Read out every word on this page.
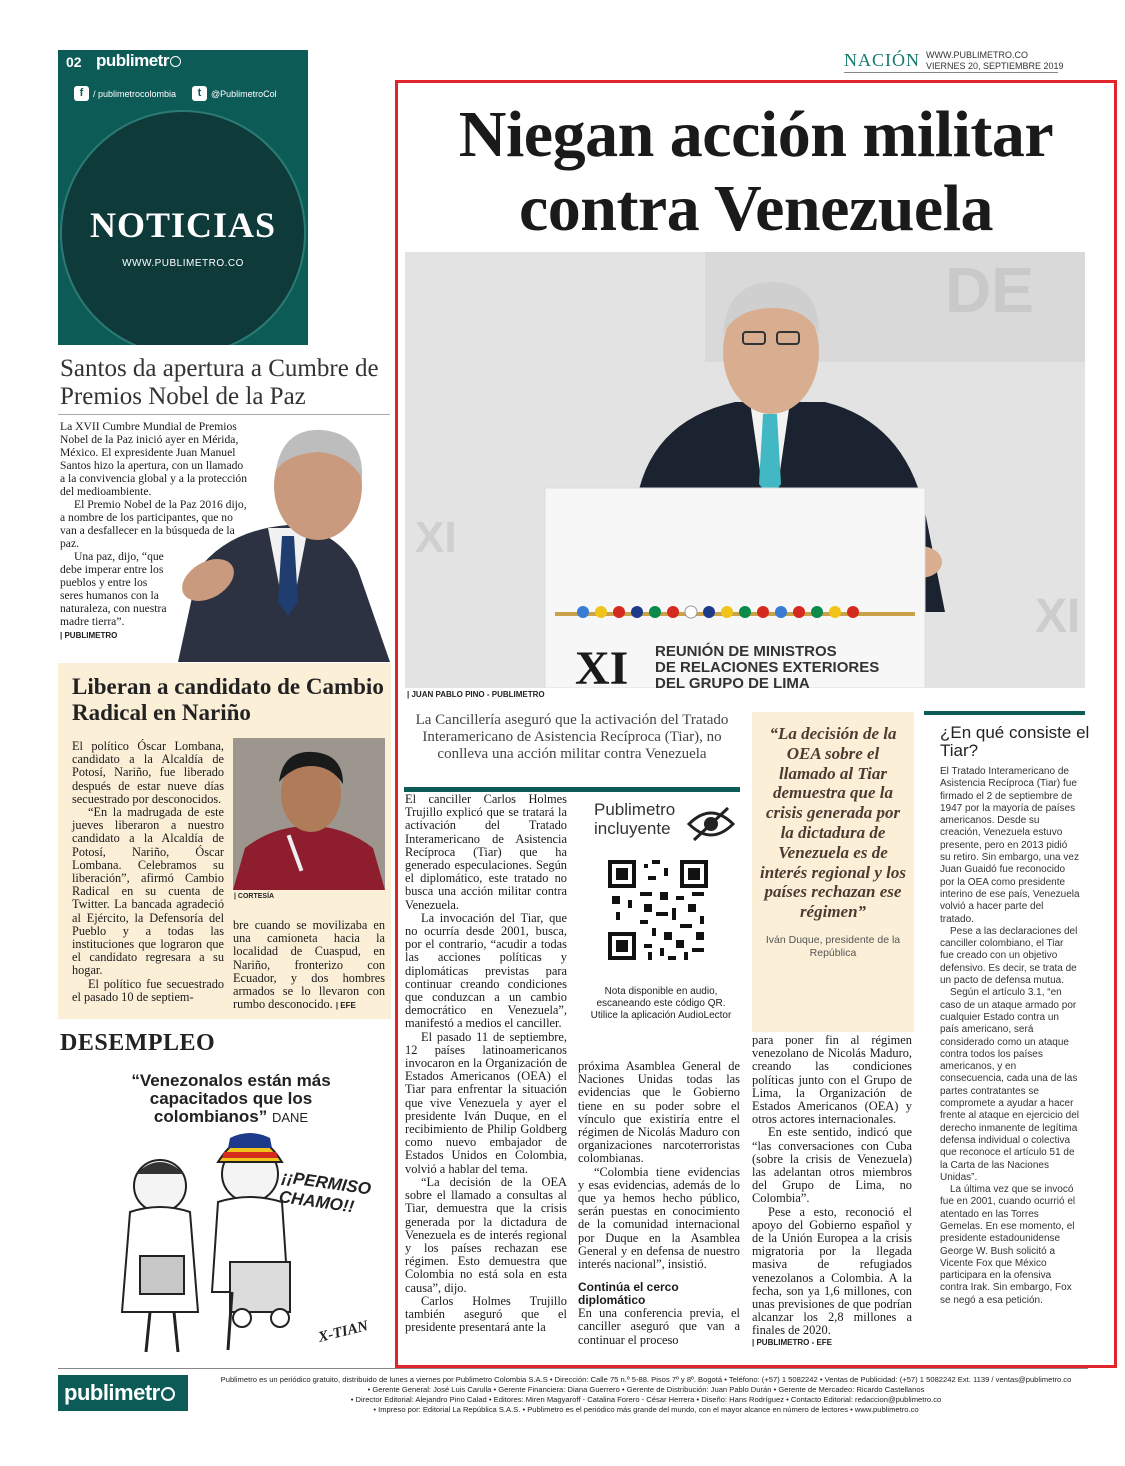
02 publimetr
f	/ publimetrocolombia	t	@PublimetroCol
NOTICIAS
WWW.PUBLIMETRO.CO
NACIÓN WWW.PUBLIMETRO.CO
VIERNES 20, SEPTIEMBRE 2019
Niegan acción militar contra Venezuela
DE
XI
XI
XI REUNIÓN DE MINISTROS
DE RELACIONES EXTERIORES
DEL GRUPO DE LIMA
| JUAN PABLO PINO - PUBLIMETRO
La Cancillería aseguró que la activación del Tratado Interamericano de Asistencia Recíproca (Tiar), no conlleva una acción militar contra Venezuela

El canciller Carlos Holmes Trujillo explicó que se tratará la activación del Tratado Interamericano de Asistencia Recíproca (Tiar) que ha generado especulaciones. Según el diplomático, este tratado no busca una acción militar contra Venezuela.

La invocación del Tiar, que no ocurría desde 2001, busca, por el contrario, “acudir a todas las acciones políticas y diplomáticas previstas para continuar creando condiciones que conduzcan a un cambio democrático en Venezuela”, manifestó a medios el canciller.

El pasado 11 de septiembre, 12 países latinoamericanos invocaron en la Organización de Estados Americanos (OEA) el Tiar para enfrentar la situación que vive Venezuela y ayer el presidente Iván Duque, en el recibimiento de Philip Goldberg como nuevo embajador de Estados Unidos en Colombia, volvió a hablar del tema.

“La decisión de la OEA sobre el llamado a consultas al Tiar, demuestra que la crisis generada por la dictadura de Venezuela es de interés regional y los países rechazan ese régimen. Esto demuestra que Colombia no está sola en esta causa”, dijo.

Carlos Holmes Trujillo también aseguró que el presidente presentará ante la

Publimetro incluyente
Nota disponible en audio, escaneando este código QR. Utilice la aplicación AudioLector

próxima Asamblea General de Naciones Unidas todas las evidencias que le Gobierno tiene en su poder sobre el vínculo que existiría entre el régimen de Nicolás Maduro con organizaciones narcoterroristas colombianas.

“Colombia tiene evidencias y esas evidencias, además de lo que ya hemos hecho público, serán puestas en conocimiento de la comunidad internacional por Duque en la Asamblea General y en defensa de nuestro interés nacional”, insistió.

Continúa el cerco diplomático

En una conferencia previa, el canciller aseguró que van a continuar el proceso

para poner fin al régimen venezolano de Nicolás Maduro, creando las condiciones políticas junto con el Grupo de Lima, la Organización de Estados Americanos (OEA) y otros actores internacionales.

En este sentido, indicó que “las conversaciones con Cuba (sobre la crisis de Venezuela) las adelantan otros miembros del Grupo de Lima, no Colombia”.

Pese a esto, reconoció el apoyo del Gobierno español y de la Unión Europea a la crisis migratoria por la llegada masiva de refugiados venezolanos a Colombia. A la fecha, son ya 1,6 millones, con unas previsiones de que podrían alcanzar los 2,8 millones a finales de 2020.

| PUBLIMETRO - EFE
“La decisión de la OEA sobre el llamado al Tiar demuestra que la crisis generada por la dictadura de Venezuela es de interés regional y los países rechazan ese régimen”
Iván Duque, presidente de la República
¿En qué consiste el Tiar?

El Tratado Interamericano de Asistencia Recíproca (Tiar) fue firmado el 2 de septiembre de 1947 por la mayoría de países americanos. Desde su creación, Venezuela estuvo presente, pero en 2013 pidió su retiro. Sin embargo, una vez Juan Guaidó fue reconocido por la OEA como presidente interino de ese país, Venezuela volvió a hacer parte del tratado.

Pese a las declaraciones del canciller colombiano, el Tiar fue creado con un objetivo defensivo. Es decir, se trata de un pacto de defensa mutua.

Según el artículo 3.1, “en caso de un ataque armado por cualquier Estado contra un país americano, será considerado como un ataque contra todos los países americanos, y en consecuencia, cada una de las partes contratantes se compromete a ayudar a hacer frente al ataque en ejercicio del derecho inmanente de legítima defensa individual o colectiva que reconoce el artículo 51 de la Carta de las Naciones Unidas”.

La última vez que se invocó fue en 2001, cuando ocurrió el atentado en las Torres Gemelas. En ese momento, el presidente estadounidense George W. Bush solicitó a Vicente Fox que México participara en la ofensiva contra Irak. Sin embargo, Fox se negó a esa petición.

Santos da apertura a Cumbre de Premios Nobel de la Paz

La XVII Cumbre Mundial de Premios Nobel de la Paz inició ayer en Mérida, México. El expresidente Juan Manuel Santos hizo la apertura, con un llamado a la convivencia global y a la protección del medioambiente.

El Premio Nobel de la Paz 2016 dijo, a nombre de los participantes, que no van a desfallecer en la búsqueda de la paz.

Una paz, dijo, “que debe imperar entre los pueblos y entre los seres humanos con la naturaleza, con nuestra madre tierra”.

| PUBLIMETRO
Liberan a candidato de Cambio Radical en Nariño
| CORTESÍA

El político Óscar Lombana, candidato a la Alcaldía de Potosí, Nariño, fue liberado después de estar nueve días secuestrado por desconocidos.

“En la madrugada de este jueves liberaron a nuestro candidato a la Alcaldía de Potosí, Nariño, Óscar Lombana. Celebramos su liberación”, afirmó Cambio Radical en su cuenta de Twitter. La bancada agradeció al Ejército, la Defensoría del Pueblo y a todas las instituciones que lograron que el candidato regresara a su hogar.

El político fue secuestrado el pasado 10 de septiem-

bre cuando se movilizaba en una camioneta hacia la localidad de Cuaspud, en Nariño, fronterizo con Ecuador, y dos hombres armados se lo llevaron con rumbo desconocido. | EFE

DESEMPLEO
“Venezonalos están más capacitados que los colombianos” DANE
¡¡PERMISO CHAMO!!
X-TIAN
publimetr
Publimetro es un periódico gratuito, distribuido de lunes a viernes por Publimetro Colombia S.A.S • Dirección: Calle 75 n.º 5-88. Pisos 7º y 8º. Bogotá • Teléfono: (+57) 1 5082242 • Ventas de Publicidad: (+57) 1 5082242 Ext. 1139 / ventas@publimetro.co
• Gerente General: José Luis Carulla • Gerente Financiera: Diana Guerrero • Gerente de Distribución: Juan Pablo Durán • Gerente de Mercadeo: Ricardo Castellanos
• Director Editorial: Alejandro Pino Calad • Editores: Miren Magyaroff - Catalina Forero - César Herrera • Diseño: Hans Rodríguez • Contacto Editorial: redaccion@publimetro.co
• Impreso por: Editorial La República S.A.S. • Publimetro es el periódico más grande del mundo, con el mayor alcance en número de lectores • www.publimetro.co
